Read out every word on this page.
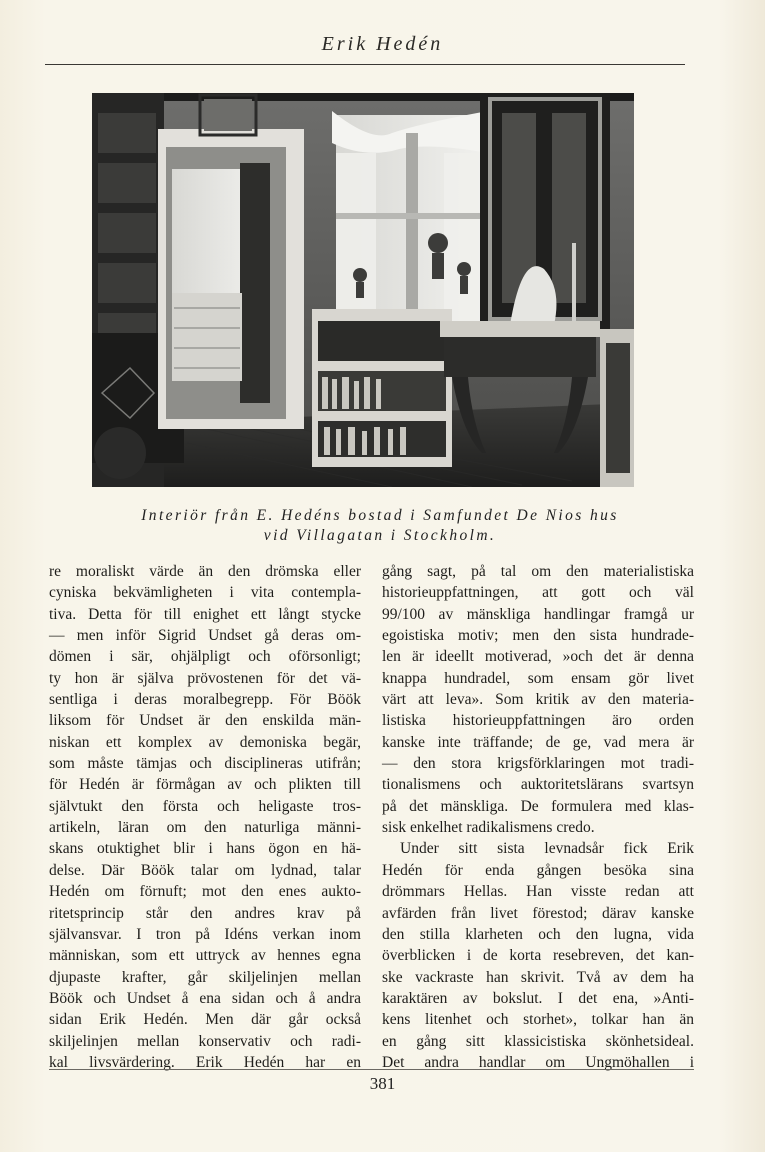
Erik Hedén
Interiör från E. Hedéns bostad i Samfundet De Nios hus
vid Villagatan i Stockholm.
re moraliskt värde än den drömska eller
cyniska bekvämligheten i vita contempla-
tiva. Detta för till enighet ett långt stycke
— men inför Sigrid Undset gå deras om-
dömen i sär, ohjälpligt och oförsonligt;
ty hon är själva prövostenen för det vä-
sentliga i deras moralbegrepp. För Böök
liksom för Undset är den enskilda män-
niskan ett komplex av demoniska begär,
som måste tämjas och disciplineras utifrån;
för Hedén är förmågan av och plikten till
självtukt den första och heligaste tros-
artikeln, läran om den naturliga männi-
skans otuktighet blir i hans ögon en hä-
delse. Där Böök talar om lydnad, talar
Hedén om förnuft; mot den enes aukto-
ritetsprincip står den andres krav på
självansvar. I tron på Idéns verkan inom
människan, som ett uttryck av hennes egna
djupaste krafter, går skiljelinjen mellan
Böök och Undset å ena sidan och å andra
sidan Erik Hedén. Men där går också
skiljelinjen mellan konservativ och radi-
kal livsvärdering. Erik Hedén har en
gång sagt, på tal om den materialistiska
historieuppfattningen, att gott och väl
99/100 av mänskliga handlingar framgå ur
egoistiska motiv; men den sista hundrade-
len är ideellt motiverad, »och det är denna
knappa hundradel, som ensam gör livet
värt att leva». Som kritik av den materia-
listiska historieuppfattningen äro orden
kanske inte träffande; de ge, vad mera är
— den stora krigsförklaringen mot tradi-
tionalismens och auktoritetslärans svartsyn
på det mänskliga. De formulera med klas-
sisk enkelhet radikalismens credo.
Under sitt sista levnadsår fick Erik
Hedén för enda gången besöka sina
drömmars Hellas. Han visste redan att
avfärden från livet förestod; därav kanske
den stilla klarheten och den lugna, vida
överblicken i de korta resebreven, det kan-
ske vackraste han skrivit. Två av dem ha
karaktären av bokslut. I det ena, »Anti-
kens litenhet och storhet», tolkar han än
en gång sitt klassicistiska skönhetsideal.
Det andra handlar om Ungmöhallen i
381
